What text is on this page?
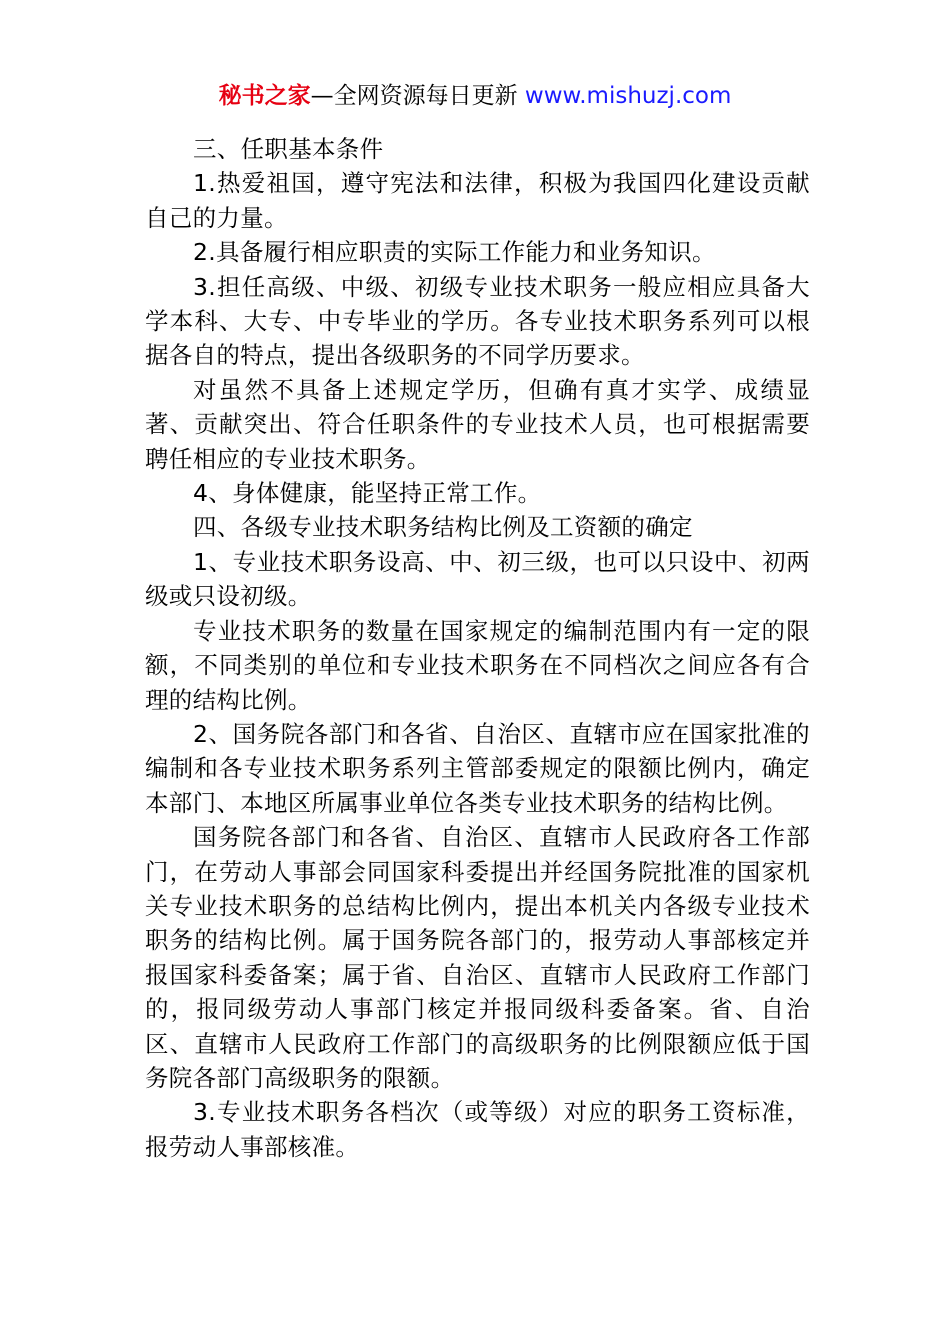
秘书之家—全网资源每日更新 www.mishuzj.com

三、任职基本条件

1.热爱祖国，遵守宪法和法律，积极为我国四化建设贡献自己的力量。

2.具备履行相应职责的实际工作能力和业务知识。

3.担任高级、中级、初级专业技术职务一般应相应具备大学本科、大专、中专毕业的学历。各专业技术职务系列可以根据各自的特点，提出各级职务的不同学历要求。

对虽然不具备上述规定学历，但确有真才实学、成绩显著、贡献突出、符合任职条件的专业技术人员，也可根据需要聘任相应的专业技术职务。

4、身体健康，能坚持正常工作。

四、各级专业技术职务结构比例及工资额的确定

1、专业技术职务设高、中、初三级，也可以只设中、初两级或只设初级。

专业技术职务的数量在国家规定的编制范围内有一定的限额，不同类别的单位和专业技术职务在不同档次之间应各有合理的结构比例。

2、国务院各部门和各省、自治区、直辖市应在国家批准的编制和各专业技术职务系列主管部委规定的限额比例内，确定本部门、本地区所属事业单位各类专业技术职务的结构比例。

国务院各部门和各省、自治区、直辖市人民政府各工作部门，在劳动人事部会同国家科委提出并经国务院批准的国家机关专业技术职务的总结构比例内，提出本机关内各级专业技术职务的结构比例。属于国务院各部门的，报劳动人事部核定并报国家科委备案；属于省、自治区、直辖市人民政府工作部门的，报同级劳动人事部门核定并报同级科委备案。省、自治区、直辖市人民政府工作部门的高级职务的比例限额应低于国务院各部门高级职务的限额。

3.专业技术职务各档次（或等级）对应的职务工资标准，报劳动人事部核准。
